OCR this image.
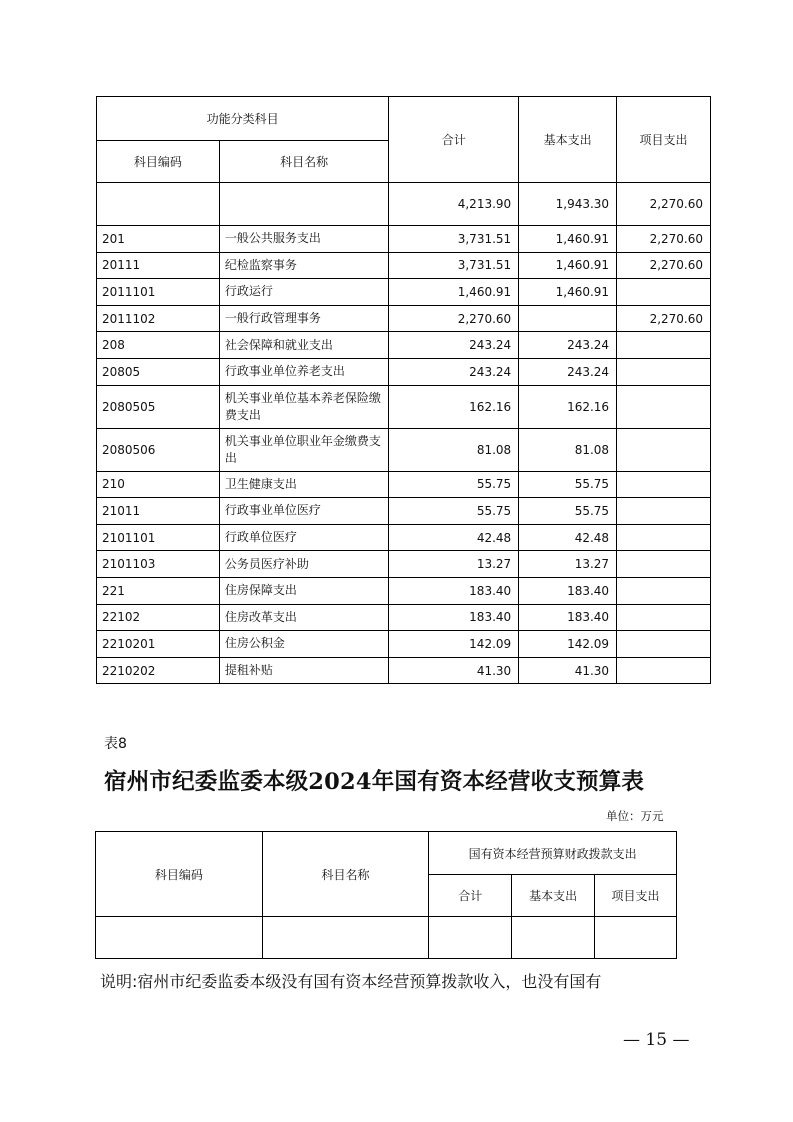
功能分类科目		合计	基本支出	项目支出
科目编码	科目名称			
		4,213.90	1,943.30	2,270.60
201	一般公共服务支出	3,731.51	1,460.91	2,270.60
20111	纪检监察事务	3,731.51	1,460.91	2,270.60
2011101	行政运行	1,460.91	1,460.91	
2011102	一般行政管理事务	2,270.60		2,270.60
208	社会保障和就业支出	243.24	243.24	
20805	行政事业单位养老支出	243.24	243.24	
2080505	机关事业单位基本养老保险缴费支出	162.16	162.16	
2080506	机关事业单位职业年金缴费支出	81.08	81.08	
210	卫生健康支出	55.75	55.75	
21011	行政事业单位医疗	55.75	55.75	
2101101	行政单位医疗	42.48	42.48	
2101103	公务员医疗补助	13.27	13.27	
221	住房保障支出	183.40	183.40	
22102	住房改革支出	183.40	183.40	
2210201	住房公积金	142.09	142.09	
2210202	提租补贴	41.30	41.30	
表8
宿州市纪委监委本级2024年国有资本经营收支预算表
单位：万元
科目编码	科目名称	国有资本经营预算财政拨款支出		
		合计	基本支出	项目支出

说明:宿州市纪委监委本级没有国有资本经营预算拨款收入，也没有国有
— 15 —
